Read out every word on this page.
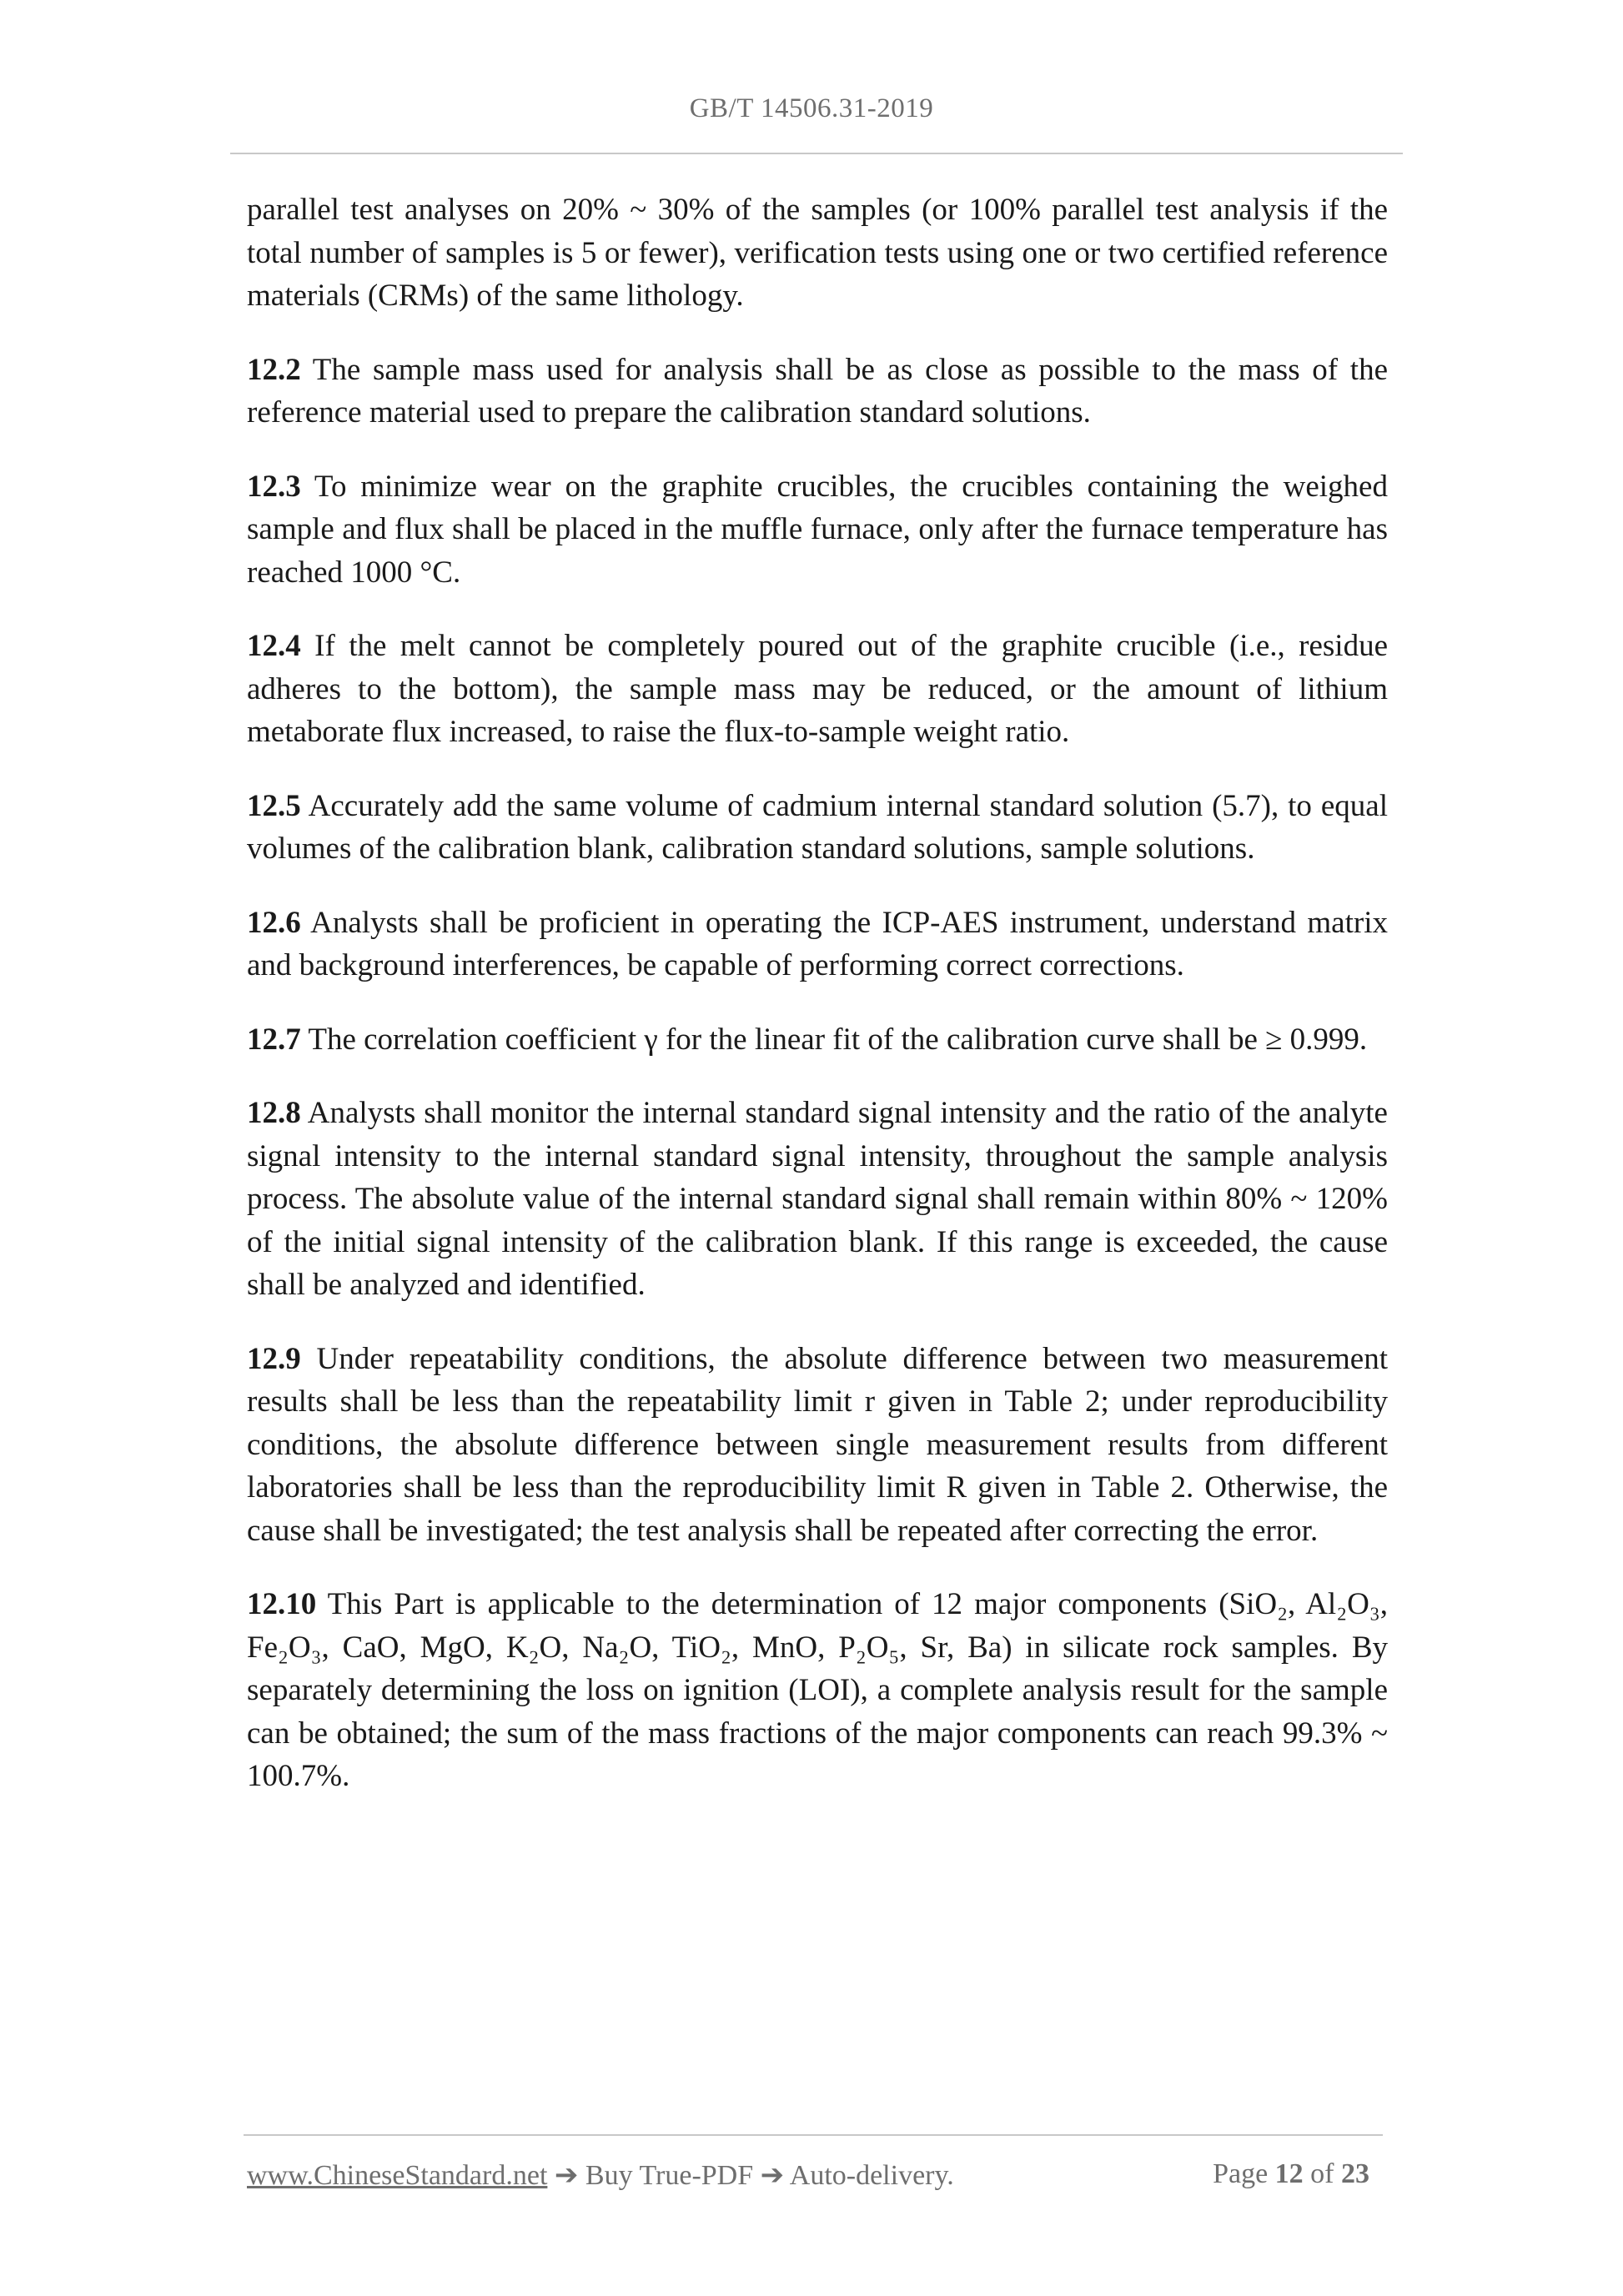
GB/T 14506.31-2019

parallel test analyses on 20% ~ 30% of the samples (or 100% parallel test analysis if the total number of samples is 5 or fewer), verification tests using one or two certified reference materials (CRMs) of the same lithology.

12.2 The sample mass used for analysis shall be as close as possible to the mass of the reference material used to prepare the calibration standard solutions.

12.3 To minimize wear on the graphite crucibles, the crucibles containing the weighed sample and flux shall be placed in the muffle furnace, only after the furnace temperature has reached 1000 °C.

12.4 If the melt cannot be completely poured out of the graphite crucible (i.e., residue adheres to the bottom), the sample mass may be reduced, or the amount of lithium metaborate flux increased, to raise the flux-to-sample weight ratio.

12.5 Accurately add the same volume of cadmium internal standard solution (5.7), to equal volumes of the calibration blank, calibration standard solutions, sample solutions.

12.6 Analysts shall be proficient in operating the ICP-AES instrument, understand matrix and background interferences, be capable of performing correct corrections.

12.7 The correlation coefficient γ for the linear fit of the calibration curve shall be ≥ 0.999.

12.8 Analysts shall monitor the internal standard signal intensity and the ratio of the analyte signal intensity to the internal standard signal intensity, throughout the sample analysis process. The absolute value of the internal standard signal shall remain within 80% ~ 120% of the initial signal intensity of the calibration blank. If this range is exceeded, the cause shall be analyzed and identified.

12.9 Under repeatability conditions, the absolute difference between two measurement results shall be less than the repeatability limit r given in Table 2; under reproducibility conditions, the absolute difference between single measurement results from different laboratories shall be less than the reproducibility limit R given in Table 2. Otherwise, the cause shall be investigated; the test analysis shall be repeated after correcting the error.

12.10 This Part is applicable to the determination of 12 major components (SiO₂, Al₂O₃, Fe₂O₃, CaO, MgO, K₂O, Na₂O, TiO₂, MnO, P₂O₅, Sr, Ba) in silicate rock samples. By separately determining the loss on ignition (LOI), a complete analysis result for the sample can be obtained; the sum of the mass fractions of the major components can reach 99.3% ~ 100.7%.

www.ChineseStandard.net ➔ Buy True-PDF ➔ Auto-delivery.	Page 12 of 23
